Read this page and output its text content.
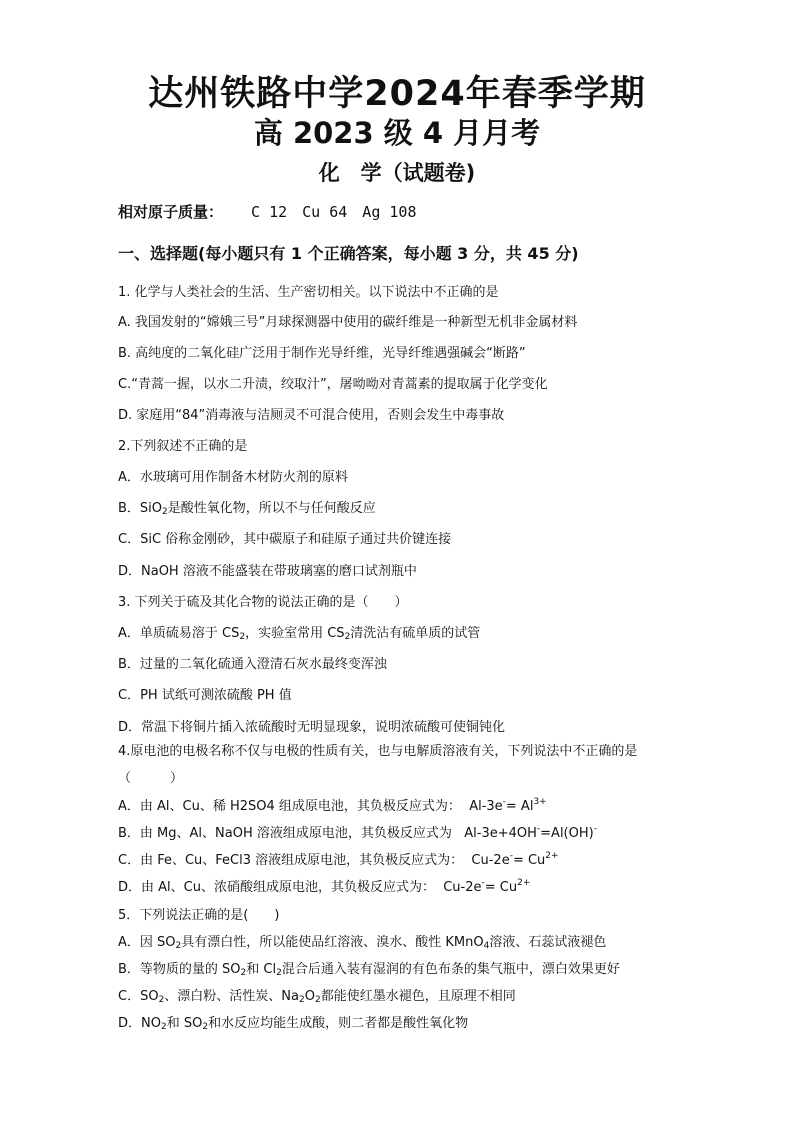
达州铁路中学2024年春季学期
高 2023 级 4 月月考
化　学（试题卷)
相对原子质量： C 12　Cu 64　Ag 108
一、选择题(每小题只有 1 个正确答案，每小题 3 分，共 45 分)
1. 化学与人类社会的生活、生产密切相关。以下说法中不正确的是
A. 我国发射的“嫦娥三号”月球探测器中使用的碳纤维是一种新型无机非金属材料
B. 高纯度的二氧化硅广泛用于制作光导纤维，光导纤维遇强碱会“断路”
C.“青蒿一握，以水二升渍，绞取汁”，屠呦呦对青蒿素的提取属于化学变化
D. 家庭用“84”消毒液与洁厕灵不可混合使用，否则会发生中毒事故
2.下列叙述不正确的是
A．水玻璃可用作制备木材防火剂的原料
B．SiO$_2$是酸性氧化物，所以不与任何酸反应
C．SiC 俗称金刚砂，其中碳原子和硅原子通过共价键连接
D．NaOH 溶液不能盛装在带玻璃塞的磨口试剂瓶中
3. 下列关于硫及其化合物的说法正确的是（　　）
A．单质硫易溶于 $CS_2$，实验室常用 $CS_2$清洗沾有硫单质的试管
B．过量的二氧化硫通入澄清石灰水最终变浑浊
C．PH 试纸可测浓硫酸 PH 值
D．常温下将铜片插入浓硫酸时无明显现象，说明浓硫酸可使铜钝化
4.原电池的电极名称不仅与电极的性质有关，也与电解质溶液有关，下列说法中不正确的是
（　　　）
A．由 Al、Cu、稀 H2SO4 组成原电池，其负极反应式为： $Al-3e^-= Al^{3+}$
B．由 Mg、Al、NaOH 溶液组成原电池，其负极反应式为 Al-3e+4OH-=Al(OH)-
C．由 Fe、Cu、FeCl3 溶液组成原电池，其负极反应式为： $Cu-2e^-= Cu^{2+}$
D．由 Al、Cu、浓硝酸组成原电池，其负极反应式为： $Cu-2e^-= Cu^{2+}$
5．下列说法正确的是(　　)
A．因 $SO_2$具有漂白性，所以能使品红溶液、溴水、酸性 KMnO$_4$溶液、石蕊试液褪色
B．等物质的量的 $SO_2$和 $Cl_2$混合后通入装有湿润的有色布条的集气瓶中，漂白效果更好
C．$SO_2$、漂白粉、活性炭、$Na_2O_2$都能使红墨水褪色，且原理不相同
D．$NO_2$和 $SO_2$和水反应均能生成酸，则二者都是酸性氧化物
